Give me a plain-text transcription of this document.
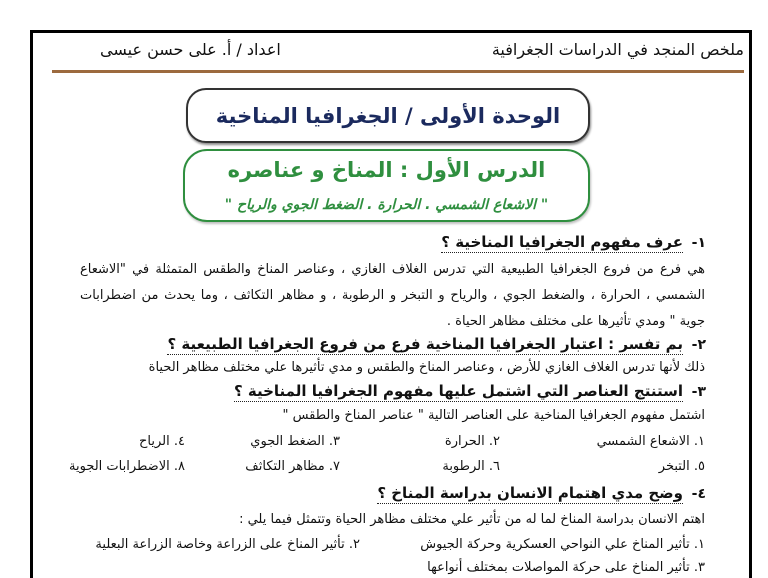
ملخص المنجد في الدراسات الجغرافية
اعداد / أ. على حسن عيسى
الوحدة الأولى / الجغرافيا المناخية
الدرس الأول : المناخ و عناصره
" الاشعاع الشمسي . الحرارة . الضغط الجوي والرياح "
١-
عرف مفهوم الجغرافيا المناخية ؟
هي فرع من فروع الجغرافيا الطبيعية التي تدرس الغلاف الغازي ، وعناصر المناخ والطقس المتمثلة في "الاشعاع
الشمسي ، الحرارة ، والضغط الجوي ، والرياح و التبخر و الرطوبة ، و مظاهر التكاثف ، وما يحدث من اضطرابات
جوية " ومدي تأثيرها على مختلف مظاهر الحياة .
٢-
بم تفسر : اعتبار الجغرافيا المناخية فرع من فروع الجغرافيا الطبيعية ؟
ذلك لأنها تدرس الغلاف الغازي للأرض ، وعناصر المناخ والطقس و مدي تأثيرها علي مختلف مظاهر الحياة
٣-
استنتج العناصر التي اشتمل عليها مفهوم الجغرافيا المناخية ؟
اشتمل مفهوم الجغرافيا المناخية على العناصر التالية " عناصر المناخ والطقس "
١. الاشعاع الشمسي
٢. الحرارة
٣. الضغط الجوي
٤. الرياح
٥. التبخر
٦. الرطوبة
٧. مظاهر التكاثف
٨. الاضطرابات الجوية
٤-
وضح مدي اهتمام الانسان بدراسة المناخ ؟
اهتم الانسان بدراسة المناخ لما له من تأثير علي مختلف مظاهر الحياة وتتمثل فيما يلي :
١. تأثير المناخ علي النواحي العسكرية وحركة الجيوش
٢. تأثير المناخ على الزراعة وخاصة الزراعة البعلية
٣. تأثير المناخ على حركة المواصلات بمختلف أنواعها
